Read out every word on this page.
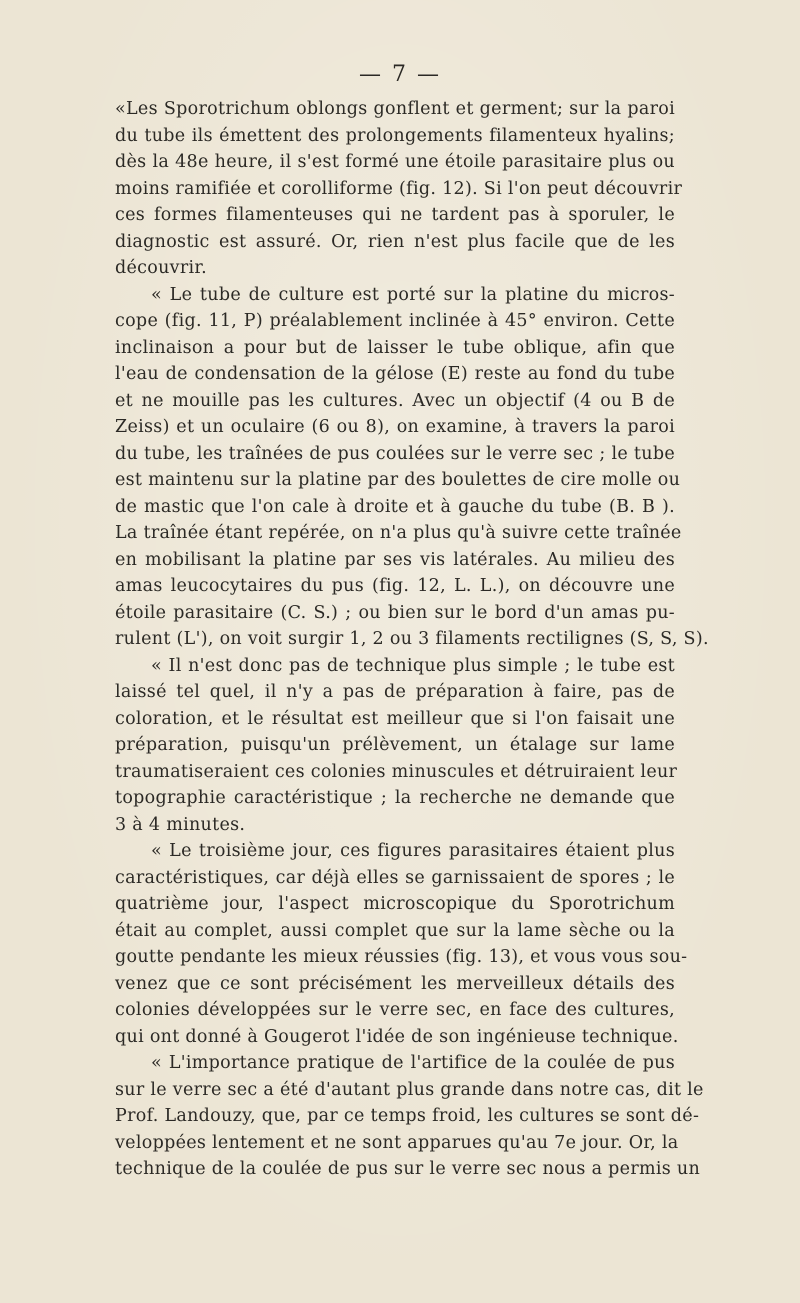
— 7 —
«Les Sporotrichum oblongs gonflent et germent; sur la paroi
du tube ils émettent des prolongements filamenteux hyalins;
dès la 48e heure, il s'est formé une étoile parasitaire plus ou
moins ramifiée et corolliforme (fig. 12). Si l'on peut découvrir
ces formes filamenteuses qui ne tardent pas à sporuler, le
diagnostic est assuré. Or, rien n'est plus facile que de les
découvrir.
« Le tube de culture est porté sur la platine du micros-
cope (fig. 11, P) préalablement inclinée à 45° environ. Cette
inclinaison a pour but de laisser le tube oblique, afin que
l'eau de condensation de la gélose (E) reste au fond du tube
et ne mouille pas les cultures. Avec un objectif (4 ou B de
Zeiss) et un oculaire (6 ou 8), on examine, à travers la paroi
du tube, les traînées de pus coulées sur le verre sec ; le tube
est maintenu sur la platine par des boulettes de cire molle ou
de mastic que l'on cale à droite et à gauche du tube (B. B ).
La traînée étant repérée, on n'a plus qu'à suivre cette traînée
en mobilisant la platine par ses vis latérales. Au milieu des
amas leucocytaires du pus (fig. 12, L. L.), on découvre une
étoile parasitaire (C. S.) ; ou bien sur le bord d'un amas pu-
rulent (L'), on voit surgir 1, 2 ou 3 filaments rectilignes (S, S, S).
« Il n'est donc pas de technique plus simple ; le tube est
laissé tel quel, il n'y a pas de préparation à faire, pas de
coloration, et le résultat est meilleur que si l'on faisait une
préparation, puisqu'un prélèvement, un étalage sur lame
traumatiseraient ces colonies minuscules et détruiraient leur
topographie caractéristique ; la recherche ne demande que
3 à 4 minutes.
« Le troisième jour, ces figures parasitaires étaient plus
caractéristiques, car déjà elles se garnissaient de spores ; le
quatrième jour, l'aspect microscopique du Sporotrichum
était au complet, aussi complet que sur la lame sèche ou la
goutte pendante les mieux réussies (fig. 13), et vous vous sou-
venez que ce sont précisément les merveilleux détails des
colonies développées sur le verre sec, en face des cultures,
qui ont donné à Gougerot l'idée de son ingénieuse technique.
« L'importance pratique de l'artifice de la coulée de pus
sur le verre sec a été d'autant plus grande dans notre cas, dit le
Prof. Landouzy, que, par ce temps froid, les cultures se sont dé-
veloppées lentement et ne sont apparues qu'au 7e jour. Or, la
technique de la coulée de pus sur le verre sec nous a permis un
